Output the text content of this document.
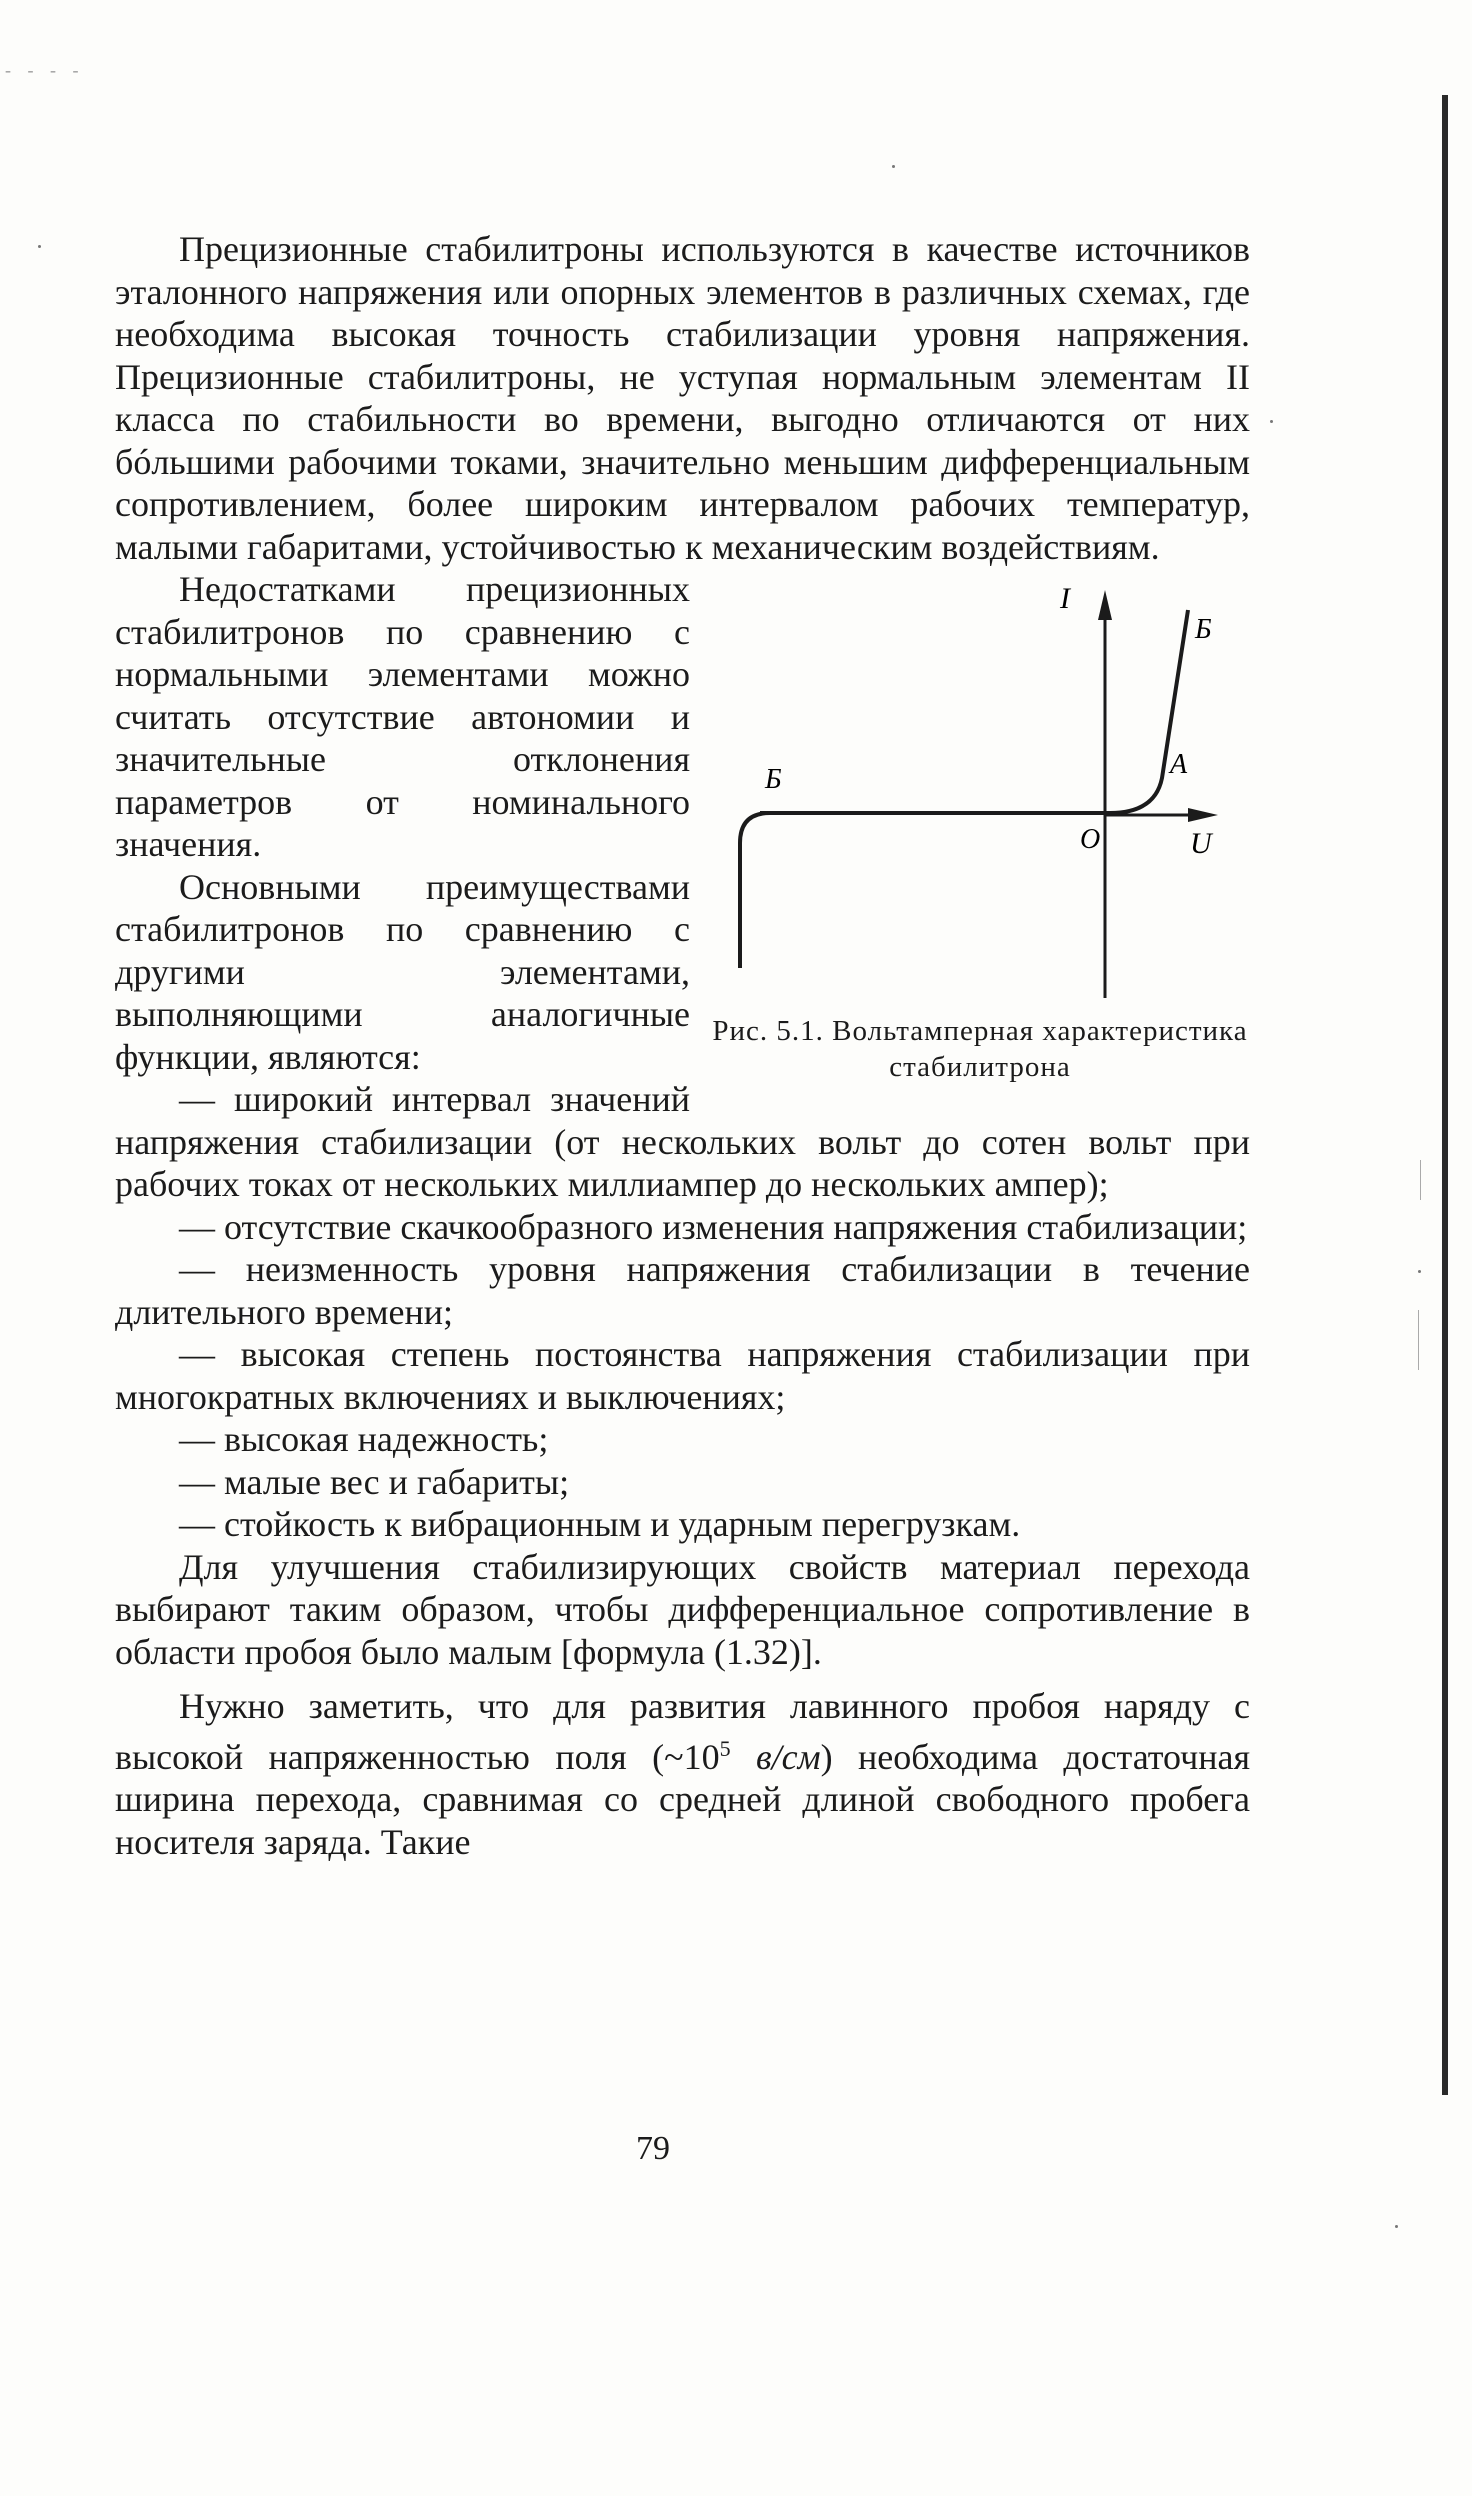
- - - -

Прецизионные стабилитроны используются в качестве источников эталонного напряжения или опорных элементов в различных схемах, где необходима высокая точность стабилизации уровня напряжения. Прецизионные стабилитроны, не уступая нормальным элементам II класса по стабильности во времени, выгодно отличаются от них бóльшими рабочими токами, значительно меньшим дифференциальным сопротивлением, более широким интервалом рабочих температур, малыми габаритами, устойчивостью к механическим воздействиям.

I
Б
A
Б
O	U
Рис. 5.1. Вольтамперная характеристика стабилитрона

Недостатками прецизионных стабилитронов по сравнению с нормальными элементами можно считать отсутствие автономии и значительные отклонения параметров от номинального значения.

Основными преимуществами стабилитронов по сравнению с другими элементами, выполняющими аналогичные функции, являются:

— широкий интервал значений напряжения стабилизации (от нескольких вольт до сотен вольт при рабочих токах от нескольких миллиампер до нескольких ампер);

— отсутствие скачкообразного изменения напряжения стабилизации;

— неизменность уровня напряжения стабилизации в течение длительного времени;

— высокая степень постоянства напряжения стабилизации при многократных включениях и выключениях;

— высокая надежность;

— малые вес и габариты;

— стойкость к вибрационным и ударным перегрузкам.

Для улучшения стабилизирующих свойств материал перехода выбирают таким образом, чтобы дифференциальное сопротивление в области пробоя было малым [формула (1.32)].

Нужно заметить, что для развития лавинного пробоя наряду с высокой напряженностью поля ($\sim 10^5$ в/см) необходима достаточная ширина перехода, сравнимая со средней длиной свободного пробега носителя заряда. Такие

79
